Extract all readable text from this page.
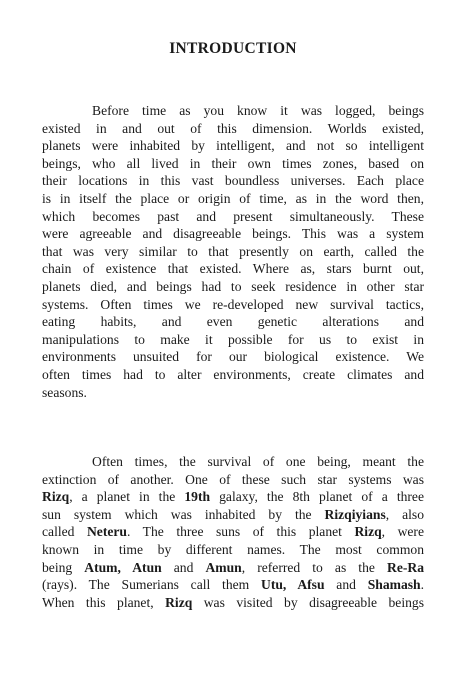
INTRODUCTION
Before time as you know it was logged, beings
existed in and out of this dimension. Worlds existed,
planets were inhabited by intelligent, and not so intelligent
beings, who all lived in their own times zones, based on
their locations in this vast boundless universes. Each place
is in itself the place or origin of time, as in the word then,
which becomes past and present simultaneously. These
were agreeable and disagreeable beings. This was a system
that was very similar to that presently on earth, called the
chain of existence that existed. Where as, stars burnt out,
planets died, and beings had to seek residence in other star
systems. Often times we re-developed new survival tactics,
eating habits, and even genetic alterations and
manipulations to make it possible for us to exist in
environments unsuited for our biological existence. We
often times had to alter environments, create climates and
seasons.
Often times, the survival of one being, meant the
extinction of another. One of these such star systems was
Rizq, a planet in the 19th galaxy, the 8th planet of a three
sun system which was inhabited by the Rizqiyians, also
called Neteru. The three suns of this planet Rizq, were
known in time by different names. The most common
being Atum, Atun and Amun, referred to as the Re-Ra
(rays). The Sumerians call them Utu, Afsu and Shamash.
When this planet, Rizq was visited by disagreeable beings
